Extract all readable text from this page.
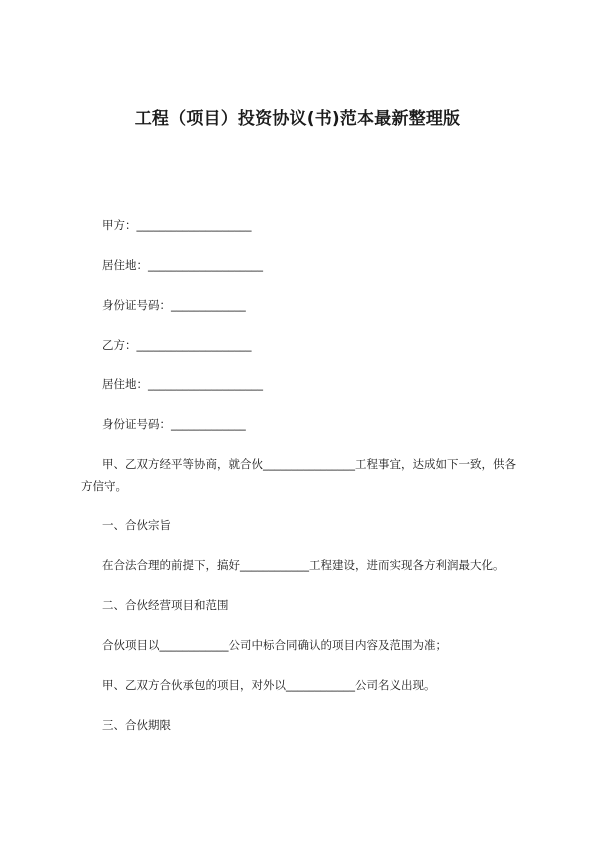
工程（项目）投资协议(书)范本最新整理版
甲方：____________________
居住地：____________________
身份证号码：_____________
乙方：____________________
居住地：____________________
身份证号码：_____________
甲、乙双方经平等协商，就合伙________________工程事宜，达成如下一致，供各方信守。
一、合伙宗旨
在合法合理的前提下，搞好____________工程建设，进而实现各方利润最大化。
二、合伙经营项目和范围
合伙项目以____________公司中标合同确认的项目内容及范围为准；
甲、乙双方合伙承包的项目，对外以____________公司名义出现。
三、合伙期限
